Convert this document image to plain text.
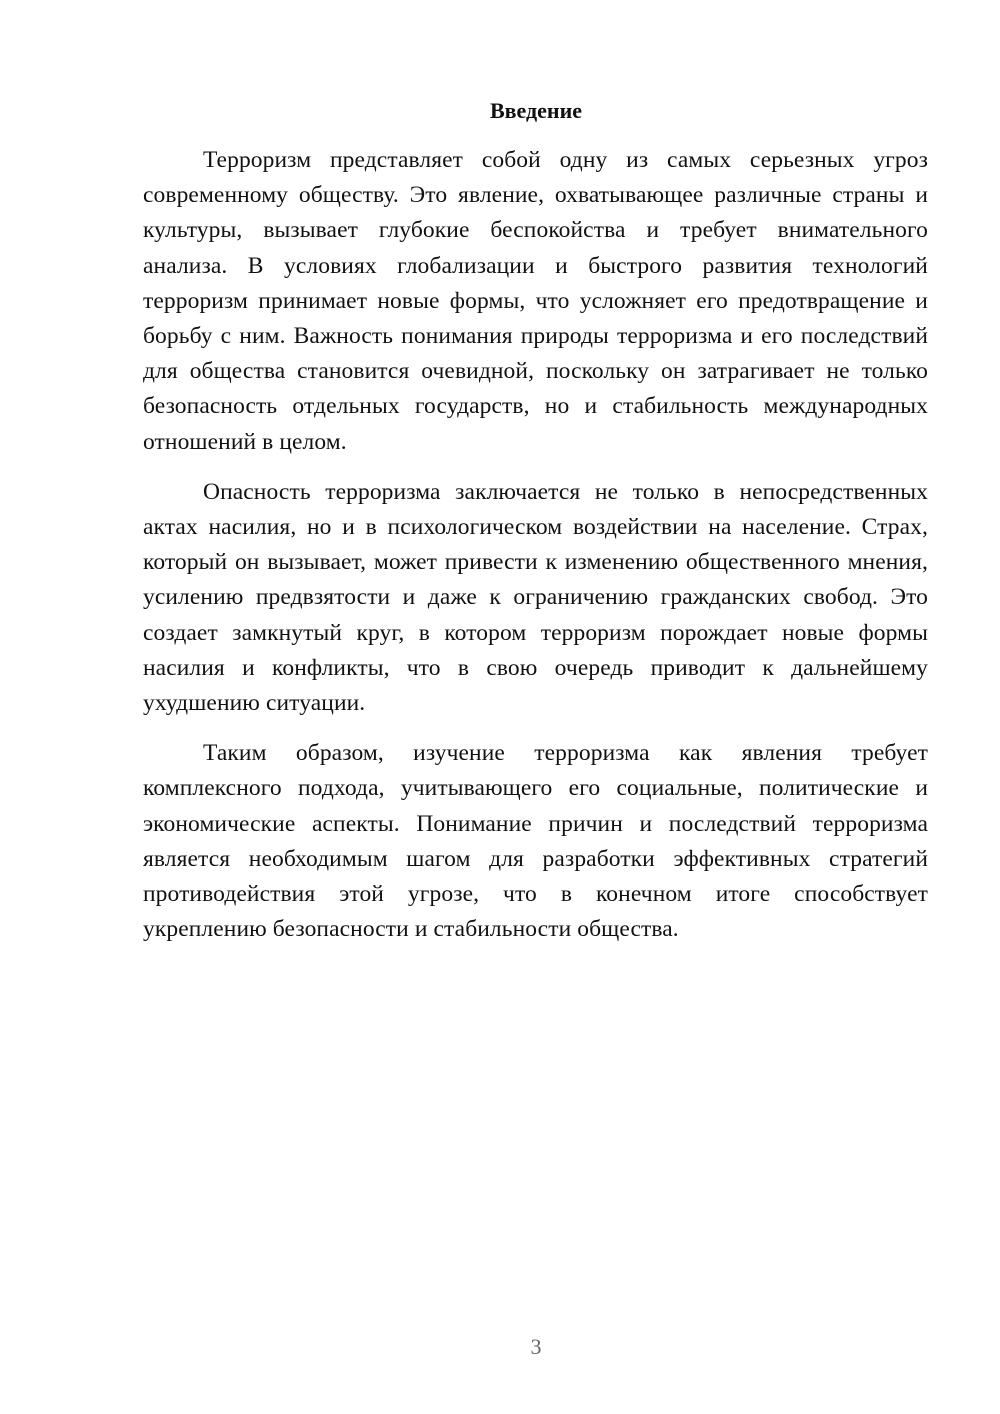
Введение

Терроризм представляет собой одну из самых серьезных угроз современному обществу. Это явление, охватывающее различные страны и культуры, вызывает глубокие беспокойства и требует внимательного анализа. В условиях глобализации и быстрого развития технологий терроризм принимает новые формы, что усложняет его предотвращение и борьбу с ним. Важность понимания природы терроризма и его последствий для общества становится очевидной, поскольку он затрагивает не только безопасность отдельных государств, но и стабильность международных отношений в целом.

Опасность терроризма заключается не только в непосредственных актах насилия, но и в психологическом воздействии на население. Страх, который он вызывает, может привести к изменению общественного мнения, усилению предвзятости и даже к ограничению гражданских свобод. Это создает замкнутый круг, в котором терроризм порождает новые формы насилия и конфликты, что в свою очередь приводит к дальнейшему ухудшению ситуации.

Таким образом, изучение терроризма как явления требует комплексного подхода, учитывающего его социальные, политические и экономические аспекты. Понимание причин и последствий терроризма является необходимым шагом для разработки эффективных стратегий противодействия этой угрозе, что в конечном итоге способствует укреплению безопасности и стабильности общества.

3
